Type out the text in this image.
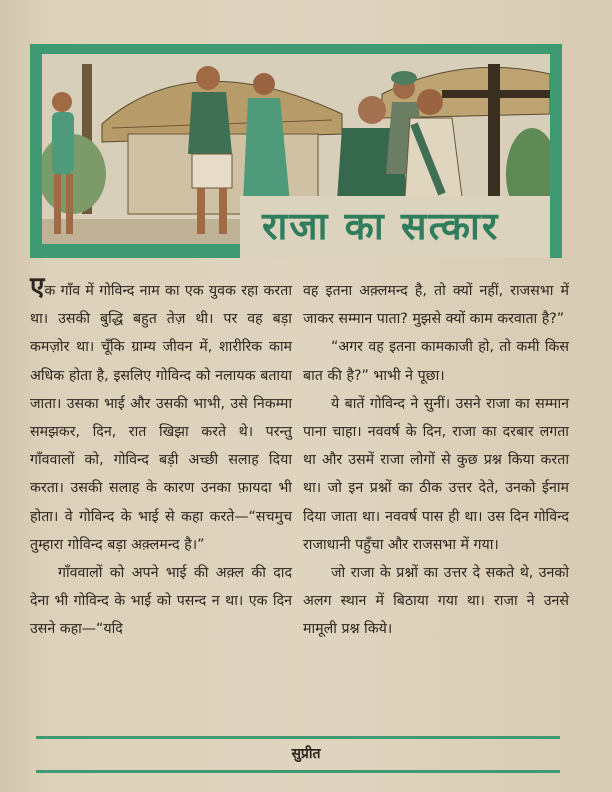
राजा का सत्कार

एक गाँव में गोविन्द नाम का एक युवक रहा करता था। उसकी बुद्धि बहुत तेज़ थी। पर वह बड़ा कमज़ोर था। चूँकि ग्राम्य जीवन में, शारीरिक काम अधिक होता है, इसलिए गोविन्द को नलायक बताया जाता। उसका भाई और उसकी भाभी, उसे निकम्मा समझकर, दिन, रात खिझा करते थे। परन्तु गाँववालों को, गोविन्द बड़ी अच्छी सलाह दिया करता। उसकी सलाह के कारण उनका फ़ायदा भी होता। वे गोविन्द के भाई से कहा करते—“सचमुच तुम्हारा गोविन्द बड़ा अक़्लमन्द है।”

गाँववालों को अपने भाई की अक़्ल की दाद देना भी गोविन्द के भाई को पसन्द न था। एक दिन उसने कहा—“यदि

वह इतना अक़्लमन्द है, तो क्यों नहीं, राजसभा में जाकर सम्मान पाता? मुझसे क्यों काम करवाता है?”

“अगर वह इतना कामकाजी हो, तो कमी किस बात की है?” भाभी ने पूछा।

ये बातें गोविन्द ने सुनीं। उसने राजा का सम्मान पाना चाहा। नववर्ष के दिन, राजा का दरबार लगता था और उसमें राजा लोगों से कुछ प्रश्न किया करता था। जो इन प्रश्नों का ठीक उत्तर देते, उनको ईनाम दिया जाता था। नववर्ष पास ही था। उस दिन गोविन्द राजाधानी पहुँचा और राजसभा में गया।

जो राजा के प्रश्नों का उत्तर दे सकते थे, उनको अलग स्थान में बिठाया गया था। राजा ने उनसे मामूली प्रश्न किये।

सुप्रीत
